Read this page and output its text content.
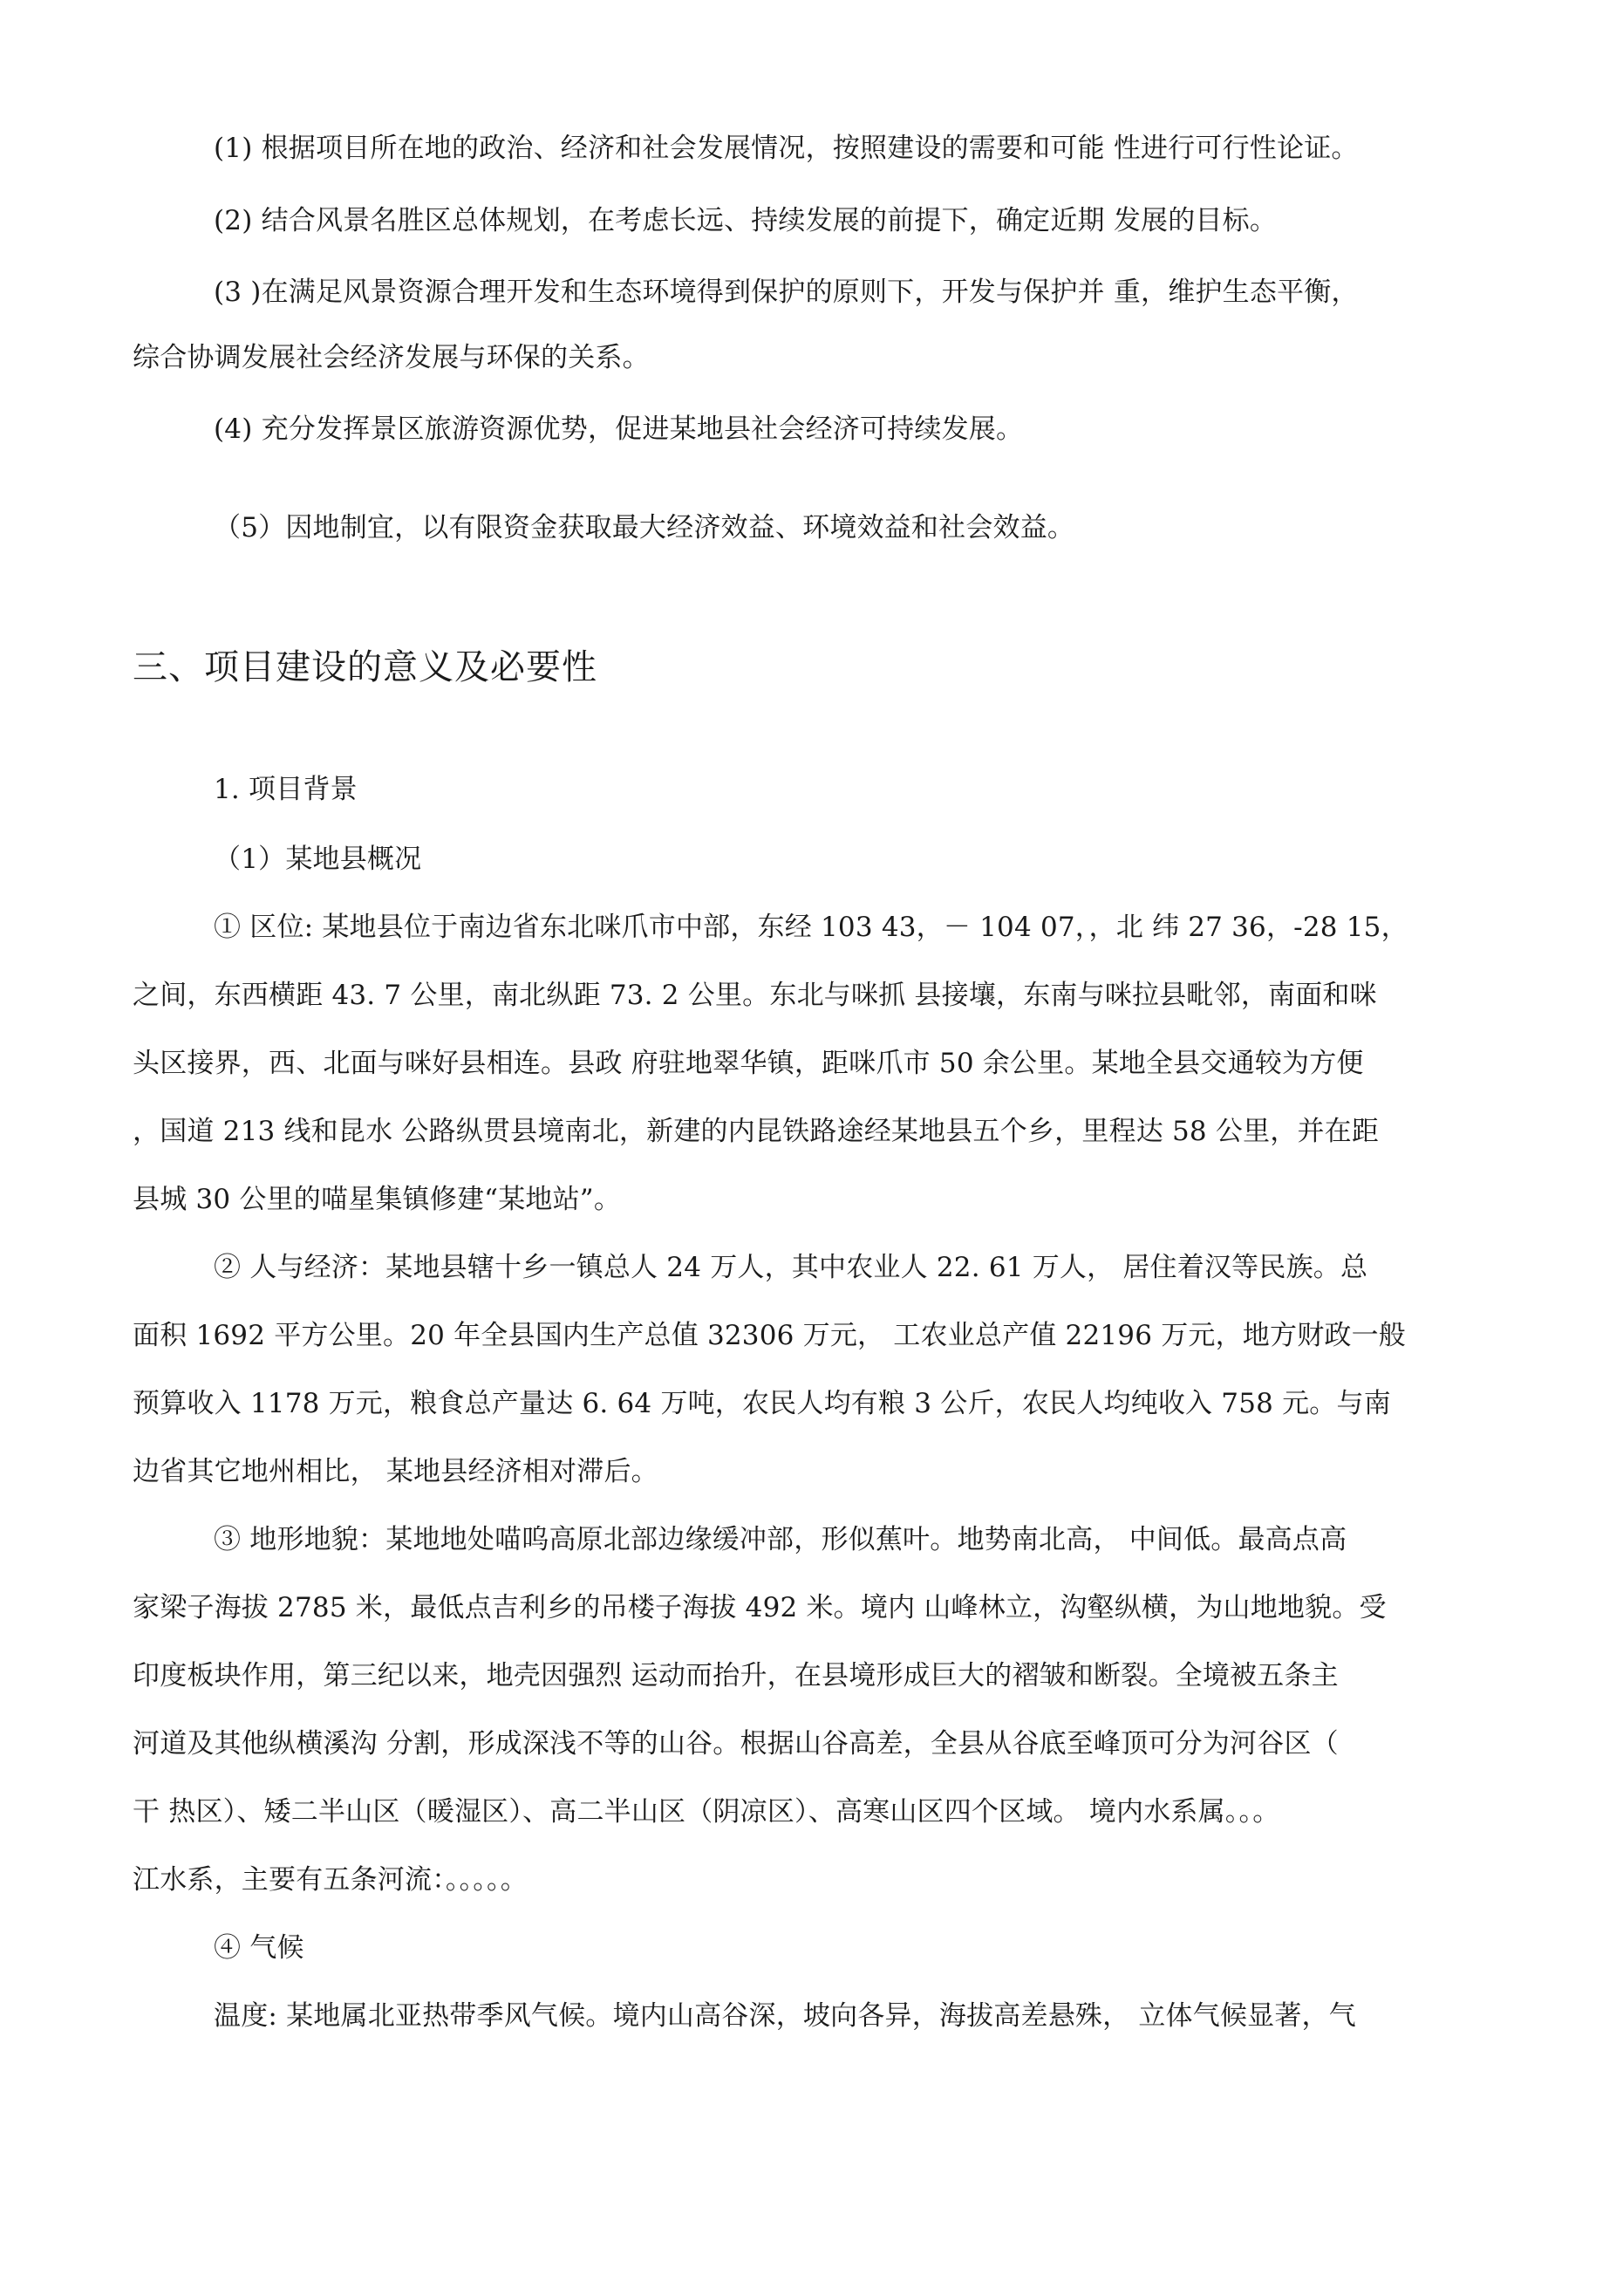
(1) 根据项目所在地的政治、经济和社会发展情况，按照建设的需要和可能 性进行可行性论证。
(2) 结合风景名胜区总体规划，在考虑长远、持续发展的前提下，确定近期 发展的目标。
(3 )在满足风景资源合理开发和生态环境得到保护的原则下，开发与保护并 重，维护生态平衡，
综合协调发展社会经济发展与环保的关系。
(4) 充分发挥景区旅游资源优势，促进某地县社会经济可持续发展。
（5）因地制宜，以有限资金获取最大经济效益、环境效益和社会效益。
三、项目建设的意义及必要性
1. 项目背景
（1）某地县概况
① 区位: 某地县位于南边省东北咪爪市中部，东经 103 43，－ 104 07，，北 纬 27 36，-28 15，
之间，东西横距 43. 7 公里，南北纵距 73. 2 公里。东北与咪抓 县接壤，东南与咪拉县毗邻，南面和咪
头区接界，西、北面与咪好县相连。县政 府驻地翠华镇，距咪爪市 50 余公里。某地全县交通较为方便
，国道 213 线和昆水 公路纵贯县境南北，新建的内昆铁路途经某地县五个乡，里程达 58 公里，并在距
县城 30 公里的喵星集镇修建“某地站”。
② 人与经济：某地县辖十乡一镇总人 24 万人，其中农业人 22. 61 万人， 居住着汉等民族。总
面积 1692 平方公里。20 年全县国内生产总值 32306 万元， 工农业总产值 22196 万元，地方财政一般
预算收入 1178 万元，粮食总产量达 6. 64 万吨，农民人均有粮 3 公斤，农民人均纯收入 758 元。与南
边省其它地州相比， 某地县经济相对滞后。
③ 地形地貌：某地地处喵呜高原北部边缘缓冲部，形似蕉叶。地势南北高， 中间低。最高点高
家梁子海拔 2785 米，最低点吉利乡的吊楼子海拔 492 米。境内 山峰林立，沟壑纵横，为山地地貌。受
印度板块作用，第三纪以来，地壳因强烈 运动而抬升，在县境形成巨大的褶皱和断裂。全境被五条主
河道及其他纵横溪沟 分割，形成深浅不等的山谷。根据山谷高差，全县从谷底至峰顶可分为河谷区（
干 热区）、矮二半山区（暖湿区）、高二半山区（阴凉区）、高寒山区四个区域。 境内水系属。。。
江水系，主要有五条河流：。。。。。
④ 气候
温度: 某地属北亚热带季风气候。境内山高谷深，坡向各异，海拔高差悬殊， 立体气候显著，气
